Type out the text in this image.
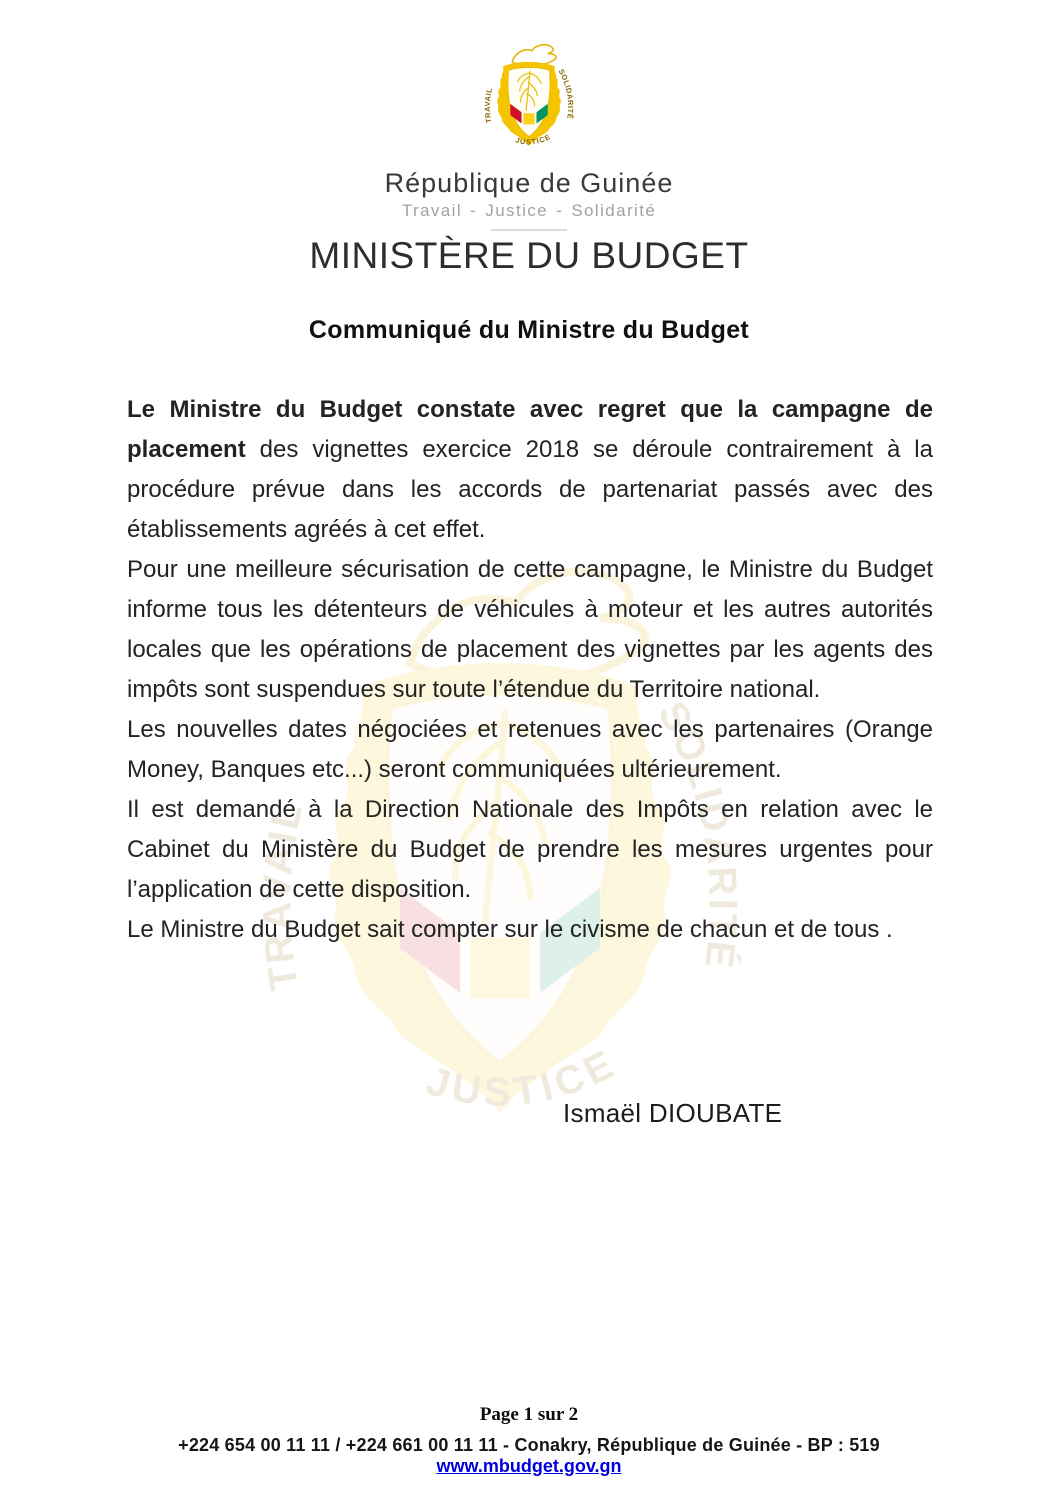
République de Guinée
Travail - Justice - Solidarité
MINISTÈRE DU BUDGET
Communiqué du Ministre du Budget

Le Ministre du Budget constate avec regret que la campagne de placement des vignettes exercice 2018 se déroule contrairement à la procédure prévue dans les accords de partenariat passés avec des établissements agréés à cet effet.

Pour une meilleure sécurisation de cette campagne, le Ministre du Budget informe tous les détenteurs de véhicules à moteur et les autres autorités locales que les opérations de placement des vignettes par les agents des impôts sont suspendues sur toute l’étendue du Territoire national.

Les nouvelles dates négociées et retenues avec les partenaires (Orange Money, Banques etc...) seront communiquées ultérieurement.

Il est demandé à la Direction Nationale des Impôts en relation avec le Cabinet du Ministère du Budget de prendre les mesures urgentes pour l’application de cette disposition.

Le Ministre du Budget sait compter sur le civisme de chacun et de tous .

Ismaël DIOUBATE
Page 1 sur 2
+224 654 00 11 11 / +224 661 00 11 11 - Conakry, République de Guinée - BP : 519
www.mbudget.gov.gn
